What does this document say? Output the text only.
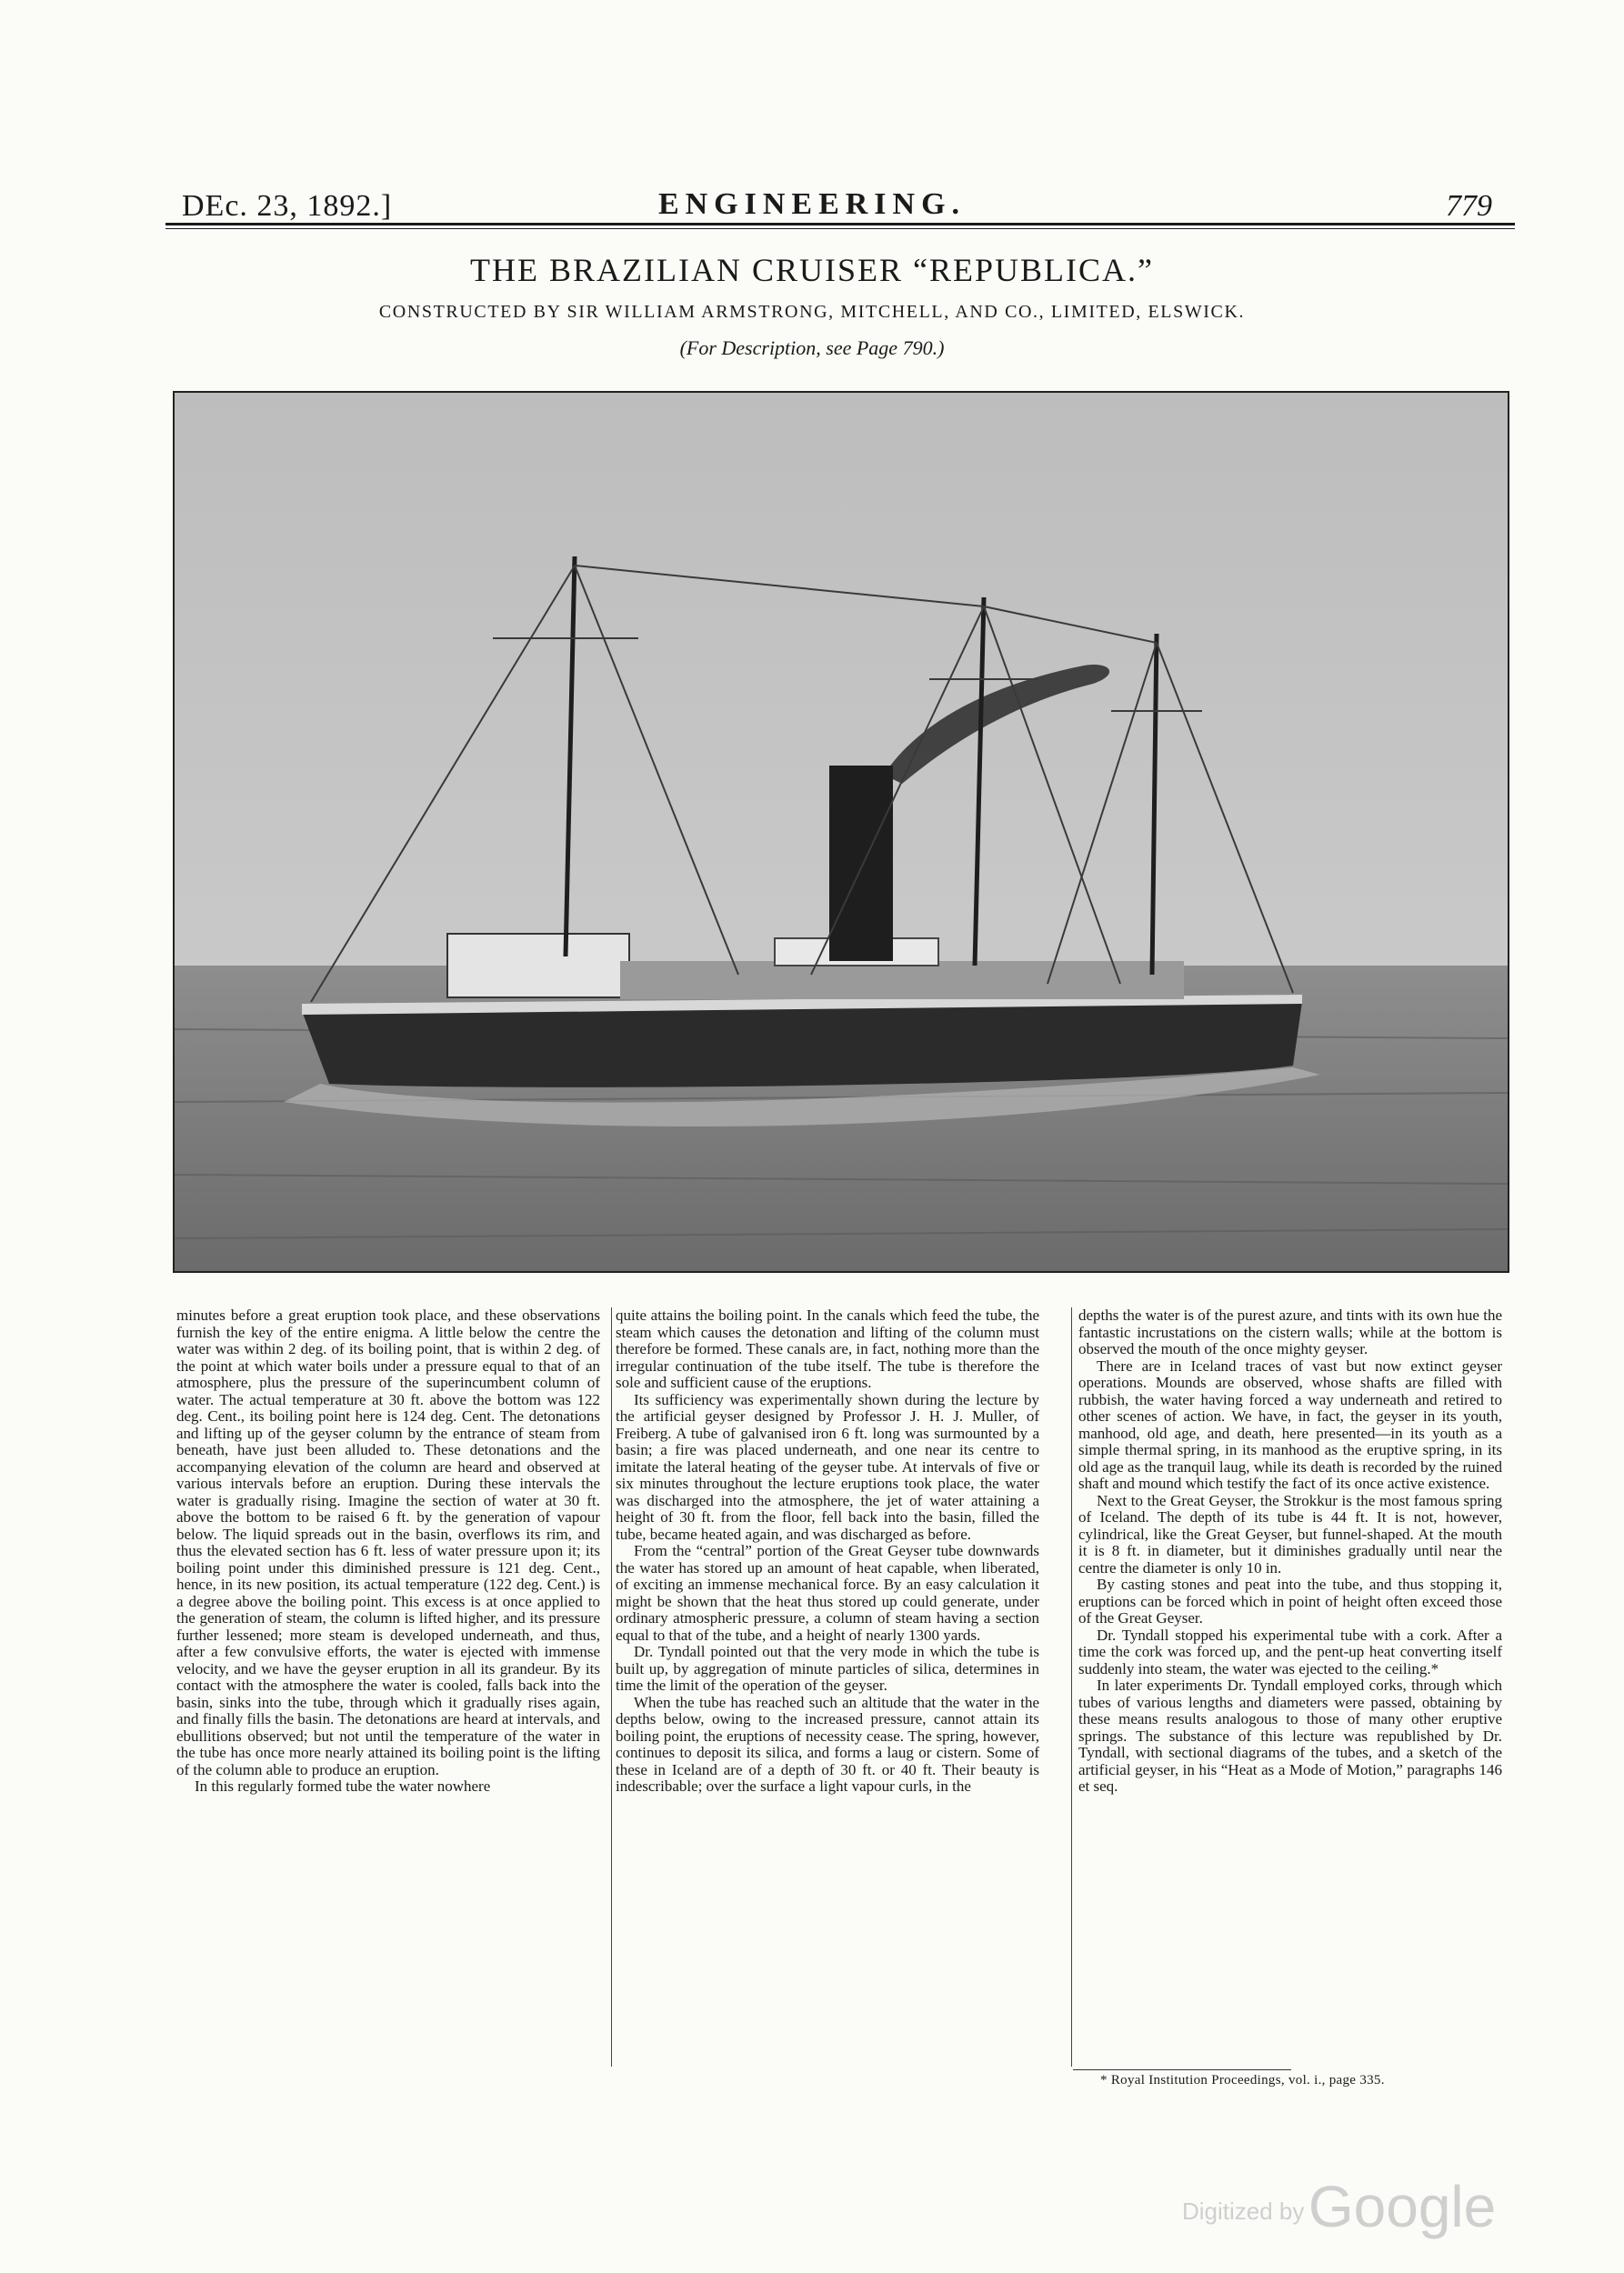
DEc. 23, 1892.]	ENGINEERING.	779
THE BRAZILIAN CRUISER “REPUBLICA.”
CONSTRUCTED BY SIR WILLIAM ARMSTRONG, MITCHELL, AND CO., LIMITED, ELSWICK.
(For Description, see Page 790.)

minutes before a great eruption took place, and these observations furnish the key of the entire enigma. A little below the centre the water was within 2 deg. of its boiling point, that is within 2 deg. of the point at which water boils under a pressure equal to that of an atmosphere, plus the pressure of the superincumbent column of water. The actual temperature at 30 ft. above the bottom was 122 deg. Cent., its boiling point here is 124 deg. Cent. The detonations and lifting up of the geyser column by the entrance of steam from beneath, have just been alluded to. These detonations and the accompanying elevation of the column are heard and observed at various intervals before an eruption. During these intervals the water is gradually rising. Imagine the section of water at 30 ft. above the bottom to be raised 6 ft. by the generation of vapour below. The liquid spreads out in the basin, overflows its rim, and thus the elevated section has 6 ft. less of water pressure upon it; its boiling point under this diminished pressure is 121 deg. Cent., hence, in its new position, its actual temperature (122 deg. Cent.) is a degree above the boiling point. This excess is at once applied to the generation of steam, the column is lifted higher, and its pressure further lessened; more steam is developed underneath, and thus, after a few convulsive efforts, the water is ejected with immense velocity, and we have the geyser eruption in all its grandeur. By its contact with the atmosphere the water is cooled, falls back into the basin, sinks into the tube, through which it gradually rises again, and finally fills the basin. The detonations are heard at intervals, and ebullitions observed; but not until the temperature of the water in the tube has once more nearly attained its boiling point is the lifting of the column able to produce an eruption.

In this regularly formed tube the water nowhere

quite attains the boiling point. In the canals which feed the tube, the steam which causes the detonation and lifting of the column must therefore be formed. These canals are, in fact, nothing more than the irregular continuation of the tube itself. The tube is therefore the sole and sufficient cause of the eruptions.

Its sufficiency was experimentally shown during the lecture by the artificial geyser designed by Professor J. H. J. Muller, of Freiberg. A tube of galvanised iron 6 ft. long was surmounted by a basin; a fire was placed underneath, and one near its centre to imitate the lateral heating of the geyser tube. At intervals of five or six minutes throughout the lecture eruptions took place, the water was discharged into the atmosphere, the jet of water attaining a height of 30 ft. from the floor, fell back into the basin, filled the tube, became heated again, and was discharged as before.

From the “central” portion of the Great Geyser tube downwards the water has stored up an amount of heat capable, when liberated, of exciting an immense mechanical force. By an easy calculation it might be shown that the heat thus stored up could generate, under ordinary atmospheric pressure, a column of steam having a section equal to that of the tube, and a height of nearly 1300 yards.

Dr. Tyndall pointed out that the very mode in which the tube is built up, by aggregation of minute particles of silica, determines in time the limit of the operation of the geyser.

When the tube has reached such an altitude that the water in the depths below, owing to the increased pressure, cannot attain its boiling point, the eruptions of necessity cease. The spring, however, continues to deposit its silica, and forms a laug or cistern. Some of these in Iceland are of a depth of 30 ft. or 40 ft. Their beauty is indescribable; over the surface a light vapour curls, in the

depths the water is of the purest azure, and tints with its own hue the fantastic incrustations on the cistern walls; while at the bottom is observed the mouth of the once mighty geyser.

There are in Iceland traces of vast but now extinct geyser operations. Mounds are observed, whose shafts are filled with rubbish, the water having forced a way underneath and retired to other scenes of action. We have, in fact, the geyser in its youth, manhood, old age, and death, here presented—in its youth as a simple thermal spring, in its manhood as the eruptive spring, in its old age as the tranquil laug, while its death is recorded by the ruined shaft and mound which testify the fact of its once active existence.

Next to the Great Geyser, the Strokkur is the most famous spring of Iceland. The depth of its tube is 44 ft. It is not, however, cylindrical, like the Great Geyser, but funnel-shaped. At the mouth it is 8 ft. in diameter, but it diminishes gradually until near the centre the diameter is only 10 in.

By casting stones and peat into the tube, and thus stopping it, eruptions can be forced which in point of height often exceed those of the Great Geyser.

Dr. Tyndall stopped his experimental tube with a cork. After a time the cork was forced up, and the pent-up heat converting itself suddenly into steam, the water was ejected to the ceiling.*

In later experiments Dr. Tyndall employed corks, through which tubes of various lengths and diameters were passed, obtaining by these means results analogous to those of many other eruptive springs. The substance of this lecture was republished by Dr. Tyndall, with sectional diagrams of the tubes, and a sketch of the artificial geyser, in his “Heat as a Mode of Motion,” paragraphs 146 et seq.

* Royal Institution Proceedings, vol. i., page 335.
Digitized by Google
